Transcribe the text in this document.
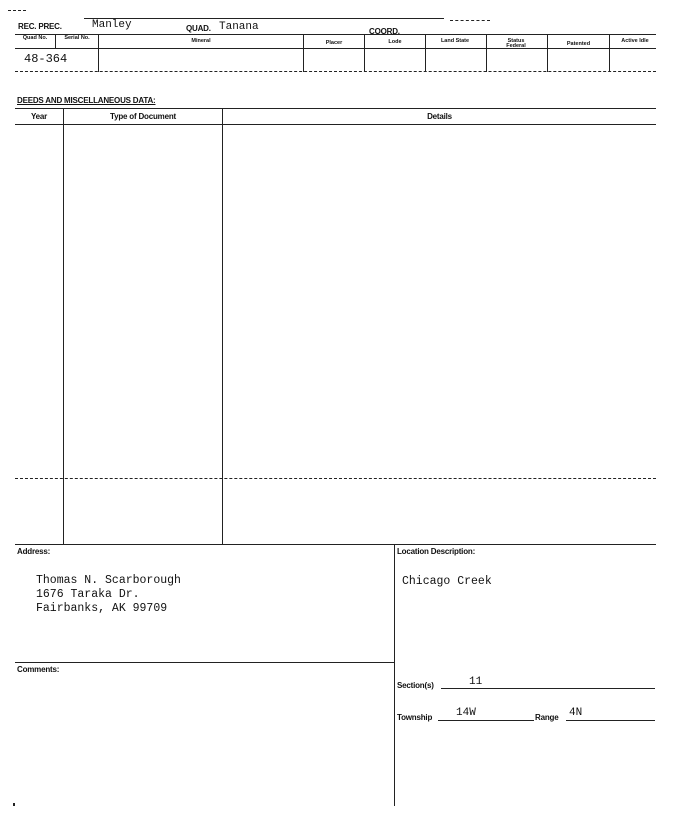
REC. PREC.	Manley	QUAD. Tanana	COORD.
Quad No.	Serial No.	Mineral	Placer	Lode	Land State	Status Federal	Patented	Active Idle
48-364
DEEDS AND MISCELLANEOUS DATA:
Year	Type of Document	Details
Address:	Location Description:
Thomas N. Scarborough
1676 Taraka Dr.
Fairbanks, AK 99709
Chicago Creek
Comments:
Section(s)	11
Township 14W	Range 4N
